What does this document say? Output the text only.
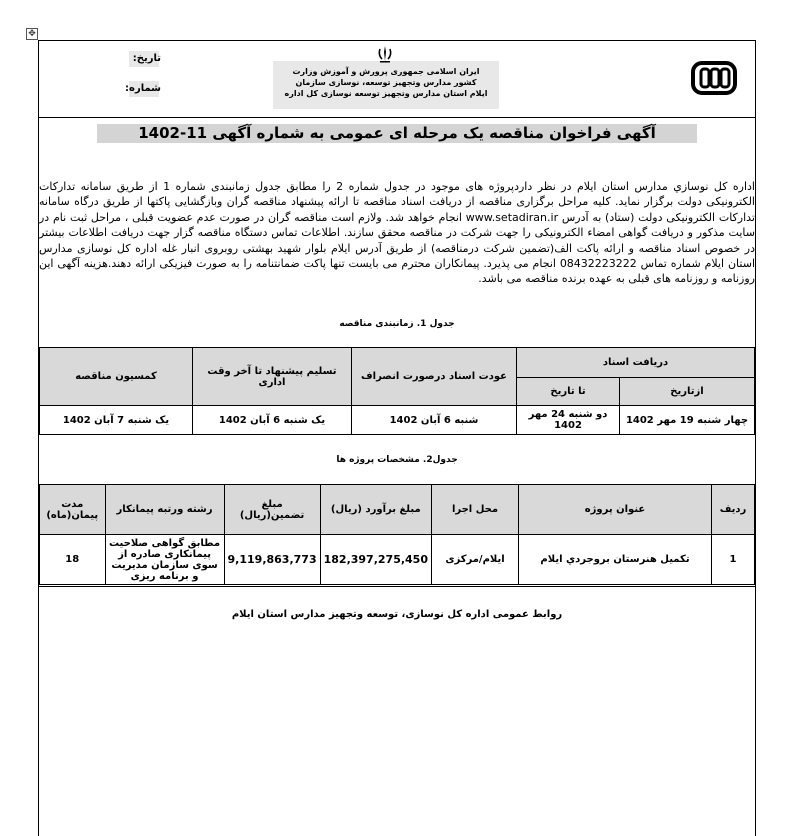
✥
ایران اسلامی جمهوری پرورش و آموزش وزارت
کشور مدارس وتجهیز توسعه، نوسازی سازمان
ایلام استان مدارس وتجهیز توسعه نوسازی کل اداره
تاریخ:
شماره:
آگهی فراخوان مناقصه یک مرحله ای عمومی به شماره آگهی 11-1402
اداره کل نوسازي مدارس استان ايلام در نظر داردپروژه های موجود در جدول شماره 2 را مطابق جدول زمانبندی شماره 1 از طريق سامانه تدارکات الکترونيکی دولت برگزار نمايد. کليه مراحل برگزاری مناقصه از دريافت اسناد مناقصه تا ارائه پيشنهاد مناقصه گران وبازگشايی پاکتها از طريق درگاه سامانه تدارکات الکترونيکی دولت (ستاد) به آدرس www.setadiran.ir انجام خواهد شد. ولازم است مناقصه گران در صورت عدم عضويت قبلی ، مراحل ثبت نام در سايت مذکور و دريافت گواهی امضاء الکترونيکی را جهت شرکت در مناقصه محقق سازند. اطلاعات تماس دستگاه مناقصه گزار جهت دريافت اطلاعات بيشتر در خصوص اسناد مناقصه و ارائه پاکت الف(تضمين شرکت درمناقصه) از طريق آدرس ايلام بلوار شهيد بهشتی روبروی انبار غله اداره کل نوسازی مدارس استان ايلام شماره تماس 08432223222 انجام می پذيرد. پيمانکاران محترم می بايست تنها پاکت ضمانتنامه را به صورت فيزيکی ارائه دهند.هزينه آگهی اين روزنامه و روزنامه های قبلی به عهده برنده مناقصه می باشد.
جدول 1. زمانبندی مناقصه
دریافت اسناد		عودت اسناد درصورت انصراف	تسلیم پیشنهاد تا آخر وقت اداری	کمسیون مناقصه
ازتاریخ	تا تاریخ			
چهار شنبه 19 مهر 1402	دو شنبه 24 مهر 1402	شنبه 6 آبان 1402	یک شنبه 6 آبان 1402	یک شنبه 7 آبان 1402
جدول2. مشخصات پروژه ها
ردیف	عنوان پروژه	محل اجرا	مبلغ برآورد (ریال)	مبلغ تضمین(ریال)	رشته ورتبه پیمانکار	مدت پیمان(ماه)
1	تکمیل هنرستان بروجردي ايلام	ايلام/مرکزی	182,397,275,450	9,119,863,773	مطابق گواهی صلاحیت پیمانکاری صادره از سوی سازمان مدیریت و برنامه ریزی	18
روابط عمومی اداره کل نوسازی، توسعه وتجهیز مدارس استان ایلام
